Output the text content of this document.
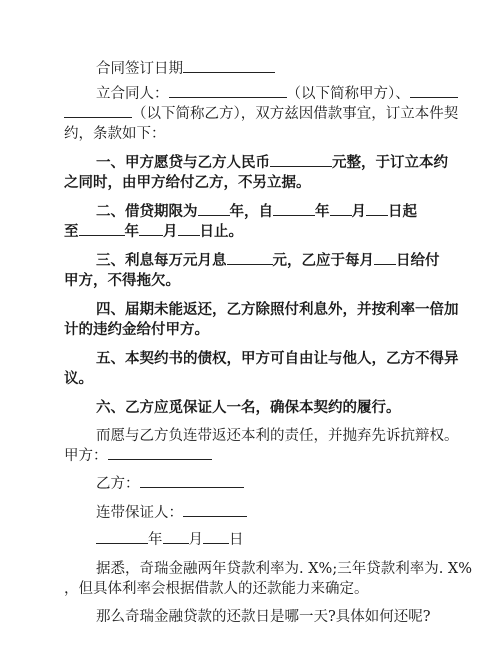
合同签订日期
立合同人：	（以下简称甲方）、
（以下简称乙方），双方兹因借款事宜，订立本件契
约，条款如下：
一、甲方愿贷与乙方人民币	元整，于订立本约
之同时，由甲方给付乙方，不另立据。
二、借贷期限为 年，自	年 月 日起
至	年 月 日止。
三、利息每万元月息	元，乙应于每月 日给付
甲方，不得拖欠。
四、届期未能返还，乙方除照付利息外，并按利率一倍加
计的违约金给付甲方。
五、本契约书的债权，甲方可自由让与他人，乙方不得异
议。
六、乙方应觅保证人一名，确保本契约的履行。
而愿与乙方负连带返还本利的责任，并抛弃先诉抗辩权。
甲方：
乙方：
连带保证人：
年 月 日
据悉，奇瑞金融两年贷款利率为. X%;三年贷款利率为. X%
，但具体利率会根据借款人的还款能力来确定。
那么奇瑞金融贷款的还款日是哪一天?具体如何还呢?
